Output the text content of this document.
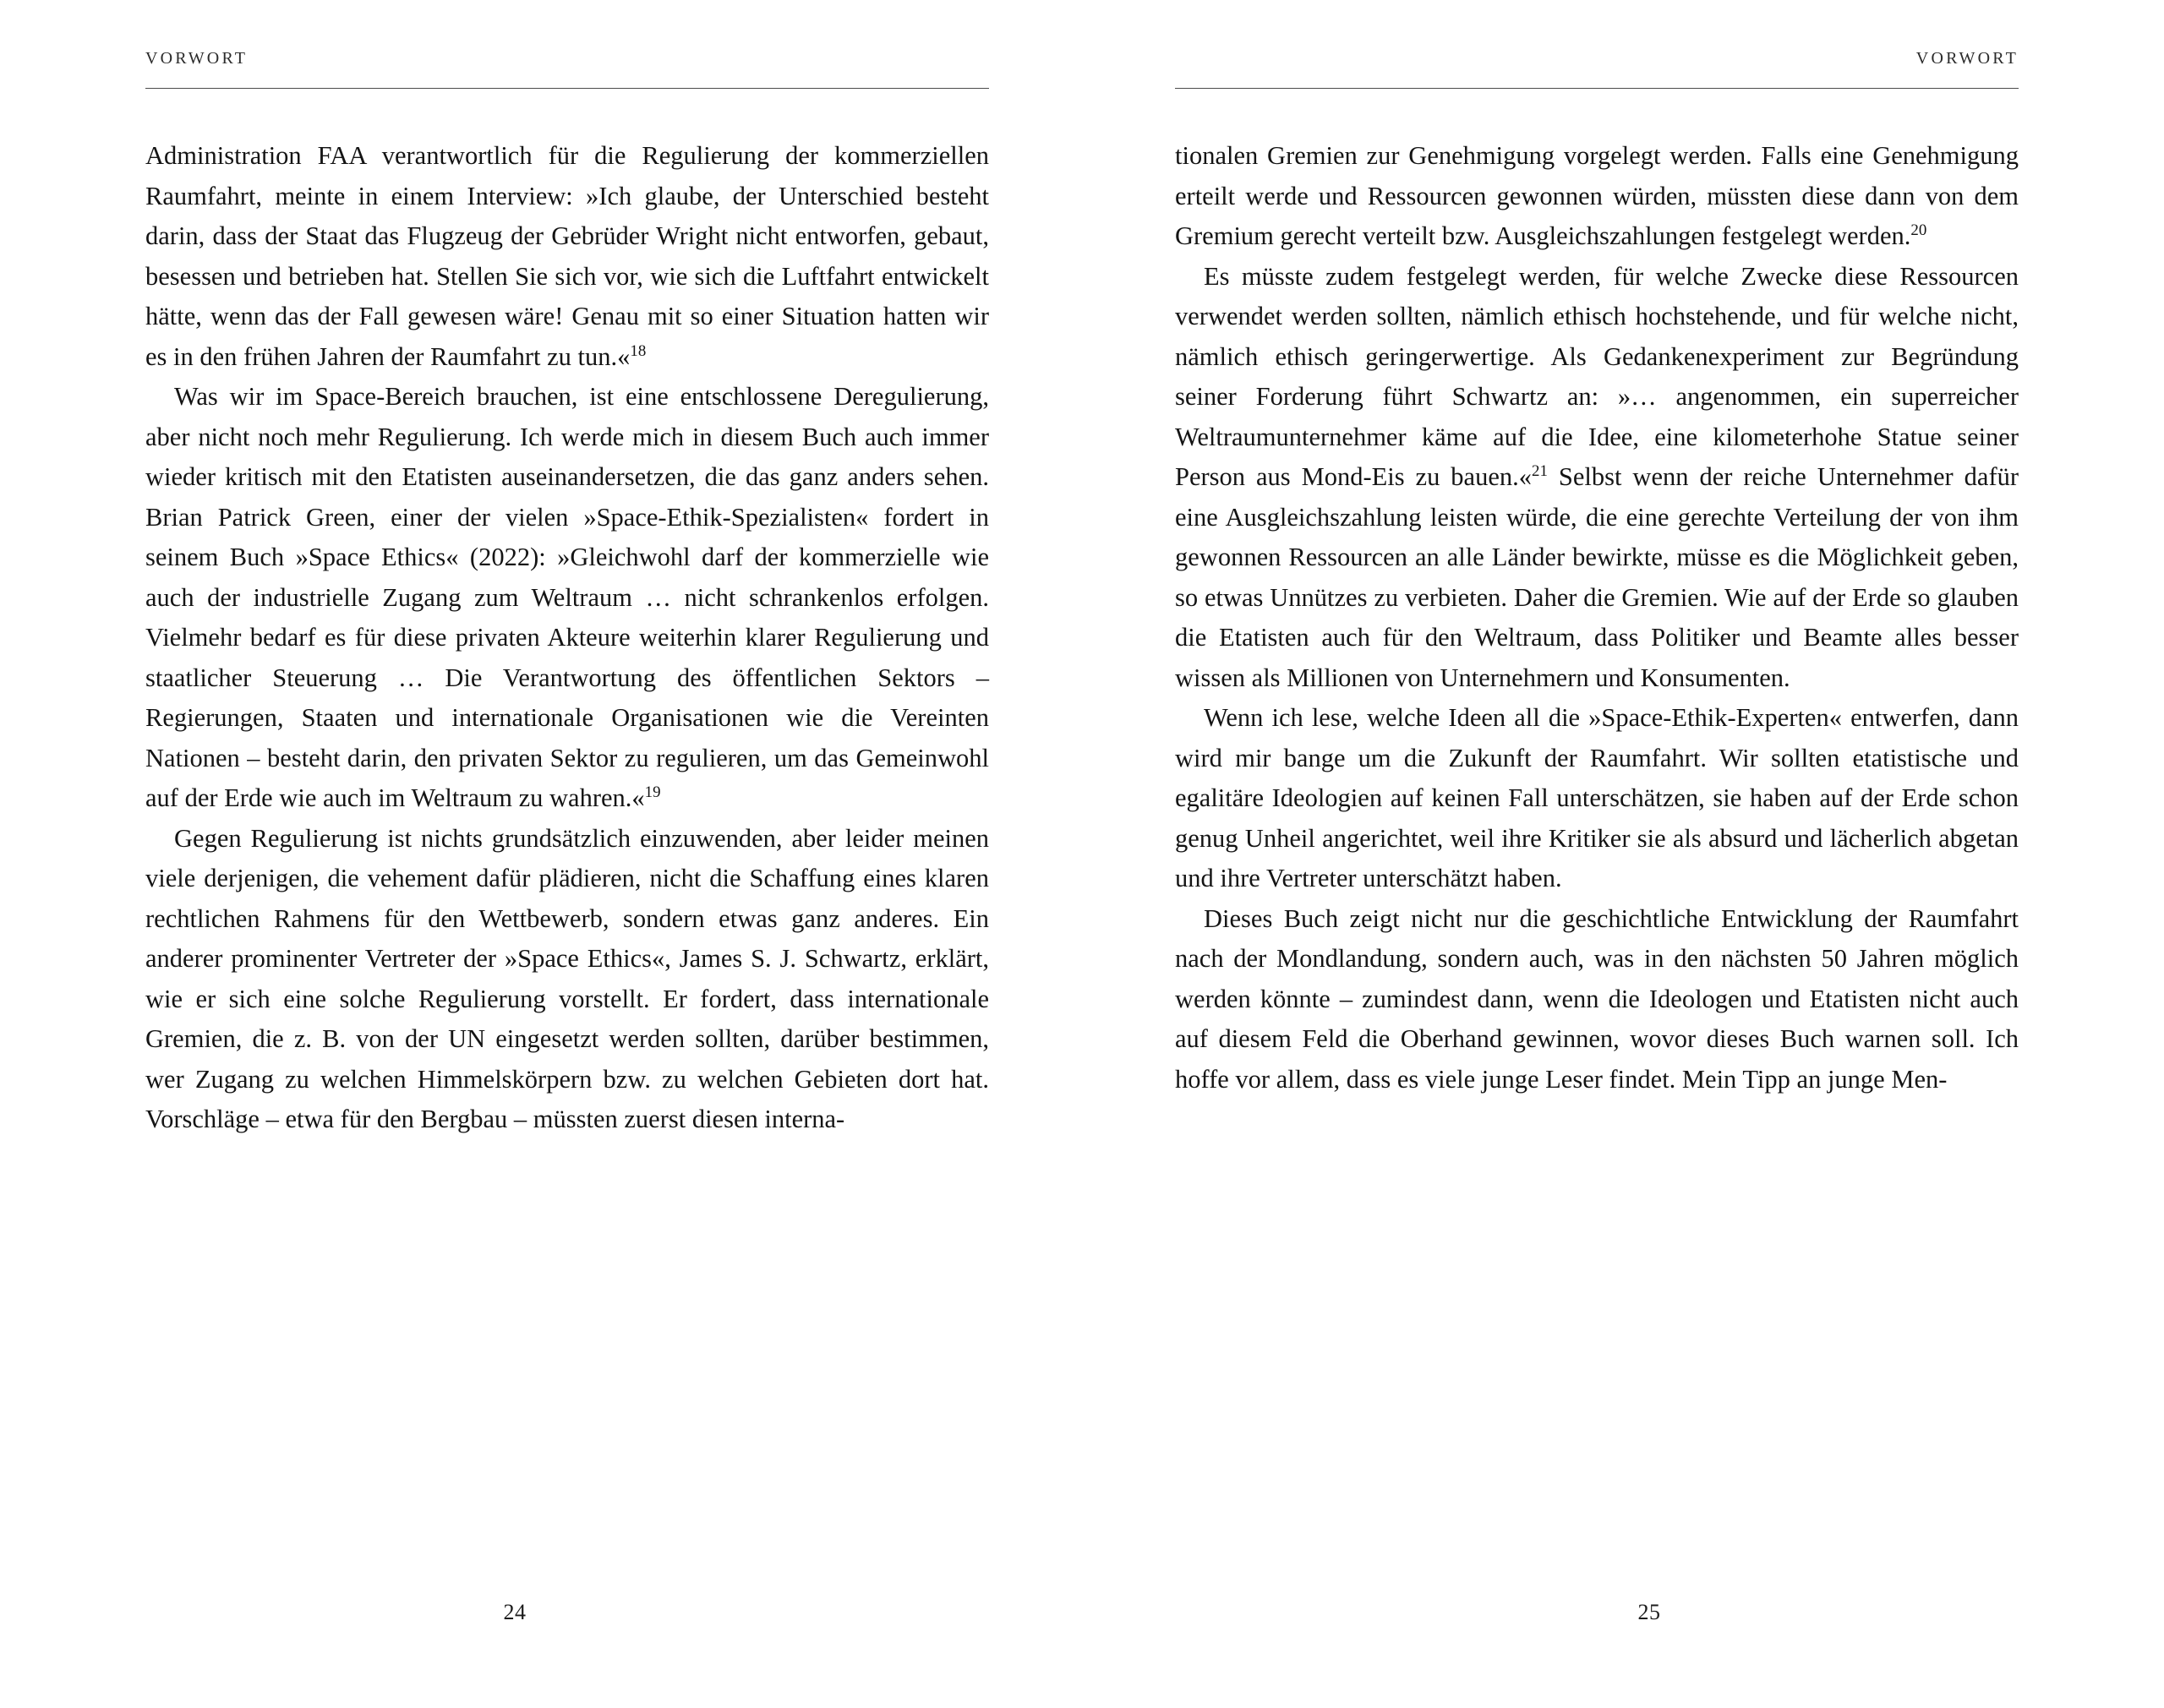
VORWORT

Administration FAA verantwortlich für die Regulierung der kommerziellen Raumfahrt, meinte in einem Interview: »Ich glaube, der Unterschied besteht darin, dass der Staat das Flugzeug der Gebrüder Wright nicht entworfen, gebaut, besessen und betrieben hat. Stellen Sie sich vor, wie sich die Luftfahrt entwickelt hätte, wenn das der Fall gewesen wäre! Genau mit so einer Situation hatten wir es in den frühen Jahren der Raumfahrt zu tun.«$^{18}$

Was wir im Space-Bereich brauchen, ist eine entschlossene Deregulierung, aber nicht noch mehr Regulierung. Ich werde mich in diesem Buch auch immer wieder kritisch mit den Etatisten auseinandersetzen, die das ganz anders sehen. Brian Patrick Green, einer der vielen »Space-Ethik-Spezialisten« fordert in seinem Buch »Space Ethics« (2022): »Gleichwohl darf der kommerzielle wie auch der industrielle Zugang zum Weltraum … nicht schrankenlos erfolgen. Vielmehr bedarf es für diese privaten Akteure weiterhin klarer Regulierung und staatlicher Steuerung … Die Verantwortung des öffentlichen Sektors – Regierungen, Staaten und internationale Organisationen wie die Vereinten Nationen – besteht darin, den privaten Sektor zu regulieren, um das Gemeinwohl auf der Erde wie auch im Weltraum zu wahren.«$^{19}$

Gegen Regulierung ist nichts grundsätzlich einzuwenden, aber leider meinen viele derjenigen, die vehement dafür plädieren, nicht die Schaffung eines klaren rechtlichen Rahmens für den Wettbewerb, sondern etwas ganz anderes. Ein anderer prominenter Vertreter der »Space Ethics«, James S. J. Schwartz, erklärt, wie er sich eine solche Regulierung vorstellt. Er fordert, dass internationale Gremien, die z. B. von der UN eingesetzt werden sollten, darüber bestimmen, wer Zugang zu welchen Himmelskörpern bzw. zu welchen Gebieten dort hat. Vorschläge – etwa für den Bergbau – müssten zuerst diesen interna-

24
VORWORT

tionalen Gremien zur Genehmigung vorgelegt werden. Falls eine Genehmigung erteilt werde und Ressourcen gewonnen würden, müssten diese dann von dem Gremium gerecht verteilt bzw. Ausgleichszahlungen festgelegt werden.$^{20}$

Es müsste zudem festgelegt werden, für welche Zwecke diese Ressourcen verwendet werden sollten, nämlich ethisch hochstehende, und für welche nicht, nämlich ethisch geringerwertige. Als Gedankenexperiment zur Begründung seiner Forderung führt Schwartz an: »… angenommen, ein superreicher Weltraumunternehmer käme auf die Idee, eine kilometerhohe Statue seiner Person aus Mond-Eis zu bauen.«$^{21}$ Selbst wenn der reiche Unternehmer dafür eine Ausgleichszahlung leisten würde, die eine gerechte Verteilung der von ihm gewonnen Ressourcen an alle Länder bewirkte, müsse es die Möglichkeit geben, so etwas Unnützes zu verbieten. Daher die Gremien. Wie auf der Erde so glauben die Etatisten auch für den Weltraum, dass Politiker und Beamte alles besser wissen als Millionen von Unternehmern und Konsumenten.

Wenn ich lese, welche Ideen all die »Space-Ethik-Experten« entwerfen, dann wird mir bange um die Zukunft der Raumfahrt. Wir sollten etatistische und egalitäre Ideologien auf keinen Fall unterschätzen, sie haben auf der Erde schon genug Unheil angerichtet, weil ihre Kritiker sie als absurd und lächerlich abgetan und ihre Vertreter unterschätzt haben.

Dieses Buch zeigt nicht nur die geschichtliche Entwicklung der Raumfahrt nach der Mondlandung, sondern auch, was in den nächsten 50 Jahren möglich werden könnte – zumindest dann, wenn die Ideologen und Etatisten nicht auch auf diesem Feld die Oberhand gewinnen, wovor dieses Buch warnen soll. Ich hoffe vor allem, dass es viele junge Leser findet. Mein Tipp an junge Men-

25
